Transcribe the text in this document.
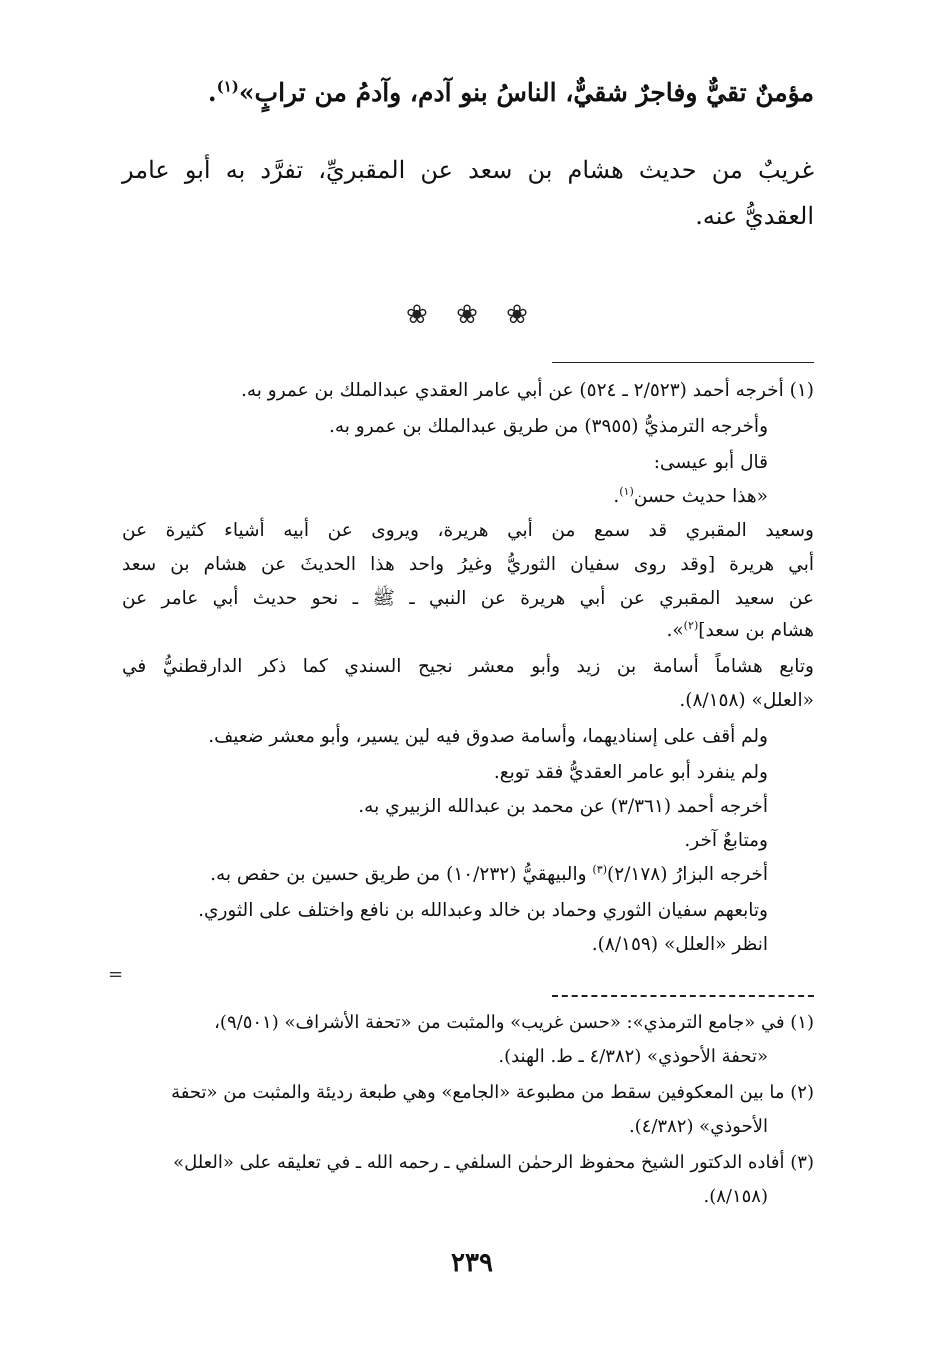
مؤمنٌ تقيٌّ وفاجرٌ شقيٌّ، الناسُ بنو آدم، وآدمُ من ترابٍ»$^{(١)}$.
غريبٌ من حديث هشام بن سعد عن المقبريِّ، تفرَّد به أبو عامر
العقديُّ عنه.
❀ ❀ ❀
(١) أخرجه أحمد (٢/٥٢٣ ـ ٥٢٤) عن أبي عامر العقدي عبدالملك بن عمرو به.
وأخرجه الترمذيُّ (٣٩٥٥) من طريق عبدالملك بن عمرو به.
قال أبو عيسى:
«هذا حديث حسن$^{(١)}$.
وسعيد المقبري قد سمع من أبي هريرة، ويروى عن أبيه أشياء كثيرة عن
أبي هريرة [وقد روى سفيان الثوريُّ وغيرُ واحد هذا الحديثَ عن هشام بن سعد
عن سعيد المقبري عن أبي هريرة عن النبي ـ ﷺ ـ نحو حديث أبي عامر عن
هشام بن سعد]$^{(٢)}$».
وتابع هشاماً أسامة بن زيد وأبو معشر نجيح السندي كما ذكر الدارقطنيُّ في
«العلل» (٨/١٥٨).
ولم أقف على إسناديهما، وأسامة صدوق فيه لين يسير، وأبو معشر ضعيف.
ولم ينفرد أبو عامر العقديُّ فقد توبع.
أخرجه أحمد (٣/٣٦١) عن محمد بن عبدالله الزبيري به.
ومتابعٌ آخر.
أخرجه البزارُ (٢/١٧٨)$^{(٣)}$ والبيهقيُّ (١٠/٢٣٢) من طريق حسين بن حفص به.
وتابعهم سفيان الثوري وحماد بن خالد وعبدالله بن نافع واختلف على الثوري.
انظر «العلل» (٨/١٥٩).
=
(١) في «جامع الترمذي»: «حسن غريب» والمثبت من «تحفة الأشراف» (٩/٥٠١)،
«تحفة الأحوذي» (٤/٣٨٢ ـ ط. الهند).
(٢) ما بين المعكوفين سقط من مطبوعة «الجامع» وهي طبعة رديئة والمثبت من «تحفة
الأحوذي» (٤/٣٨٢).
(٣) أفاده الدكتور الشيخ محفوظ الرحمٰن السلفي ـ رحمه الله ـ في تعليقه على «العلل»
(٨/١٥٨).
٢٣٩
